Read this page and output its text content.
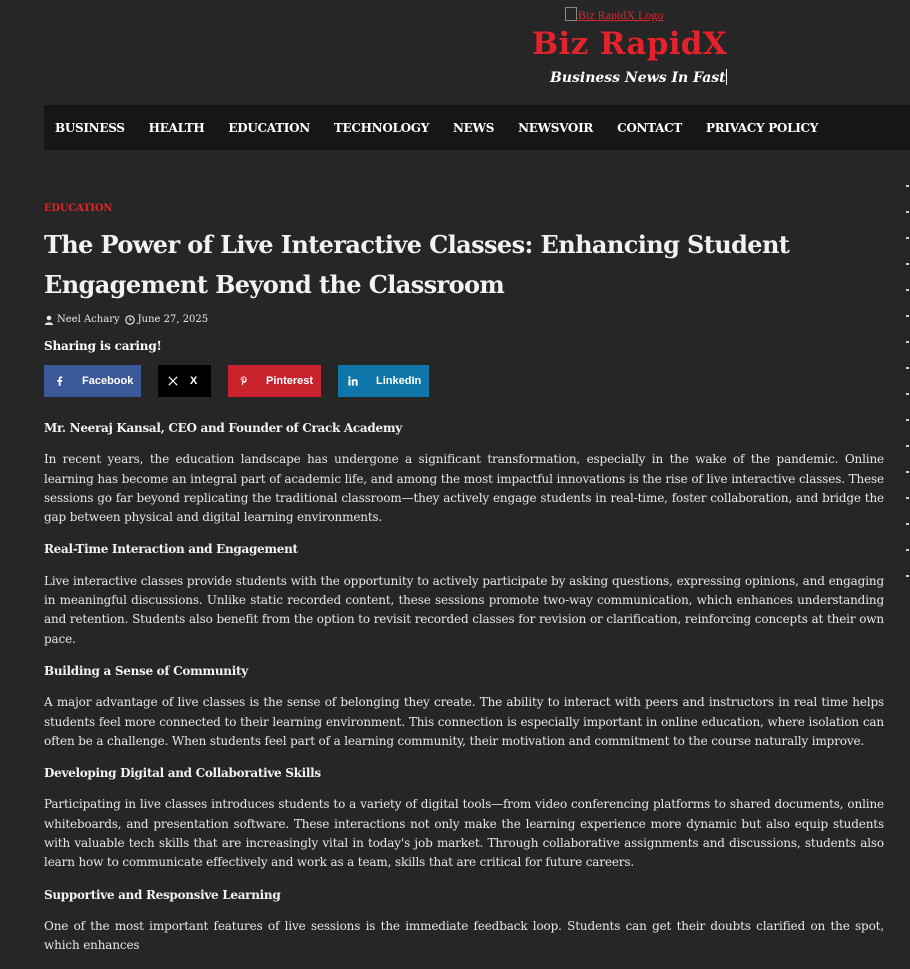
Biz RapidX Logo
Biz RapidX
Business News In Fast
BUSINESS HEALTH EDUCATION TECHNOLOGY NEWS NEWSVOIR CONTACT PRIVACY POLICY
EDUCATION
The Power of Live Interactive Classes: Enhancing Student Engagement Beyond the Classroom
Neel Achary June 27, 2025
Sharing is caring!
Facebook	X	Pinterest	LinkedIn
Mr. Neeraj Kansal, CEO and Founder of Crack Academy

In recent years, the education landscape has undergone a significant transformation, especially in the wake of the pandemic. Online learning has become an integral part of academic life, and among the most impactful innovations is the rise of live interactive classes. These sessions go far beyond replicating the traditional classroom—they actively engage students in real-time, foster collaboration, and bridge the gap between physical and digital learning environments.

Real-Time Interaction and Engagement

Live interactive classes provide students with the opportunity to actively participate by asking questions, expressing opinions, and engaging in meaningful discussions. Unlike static recorded content, these sessions promote two-way communication, which enhances understanding and retention. Students also benefit from the option to revisit recorded classes for revision or clarification, reinforcing concepts at their own pace.

Building a Sense of Community

A major advantage of live classes is the sense of belonging they create. The ability to interact with peers and instructors in real time helps students feel more connected to their learning environment. This connection is especially important in online education, where isolation can often be a challenge. When students feel part of a learning community, their motivation and commitment to the course naturally improve.

Developing Digital and Collaborative Skills

Participating in live classes introduces students to a variety of digital tools—from video conferencing platforms to shared documents, online whiteboards, and presentation software. These interactions not only make the learning experience more dynamic but also equip students with valuable tech skills that are increasingly vital in today's job market. Through collaborative assignments and discussions, students also learn how to communicate effectively and work as a team, skills that are critical for future careers.

Supportive and Responsive Learning

One of the most important features of live sessions is the immediate feedback loop. Students can get their doubts clarified on the spot, which enhances
